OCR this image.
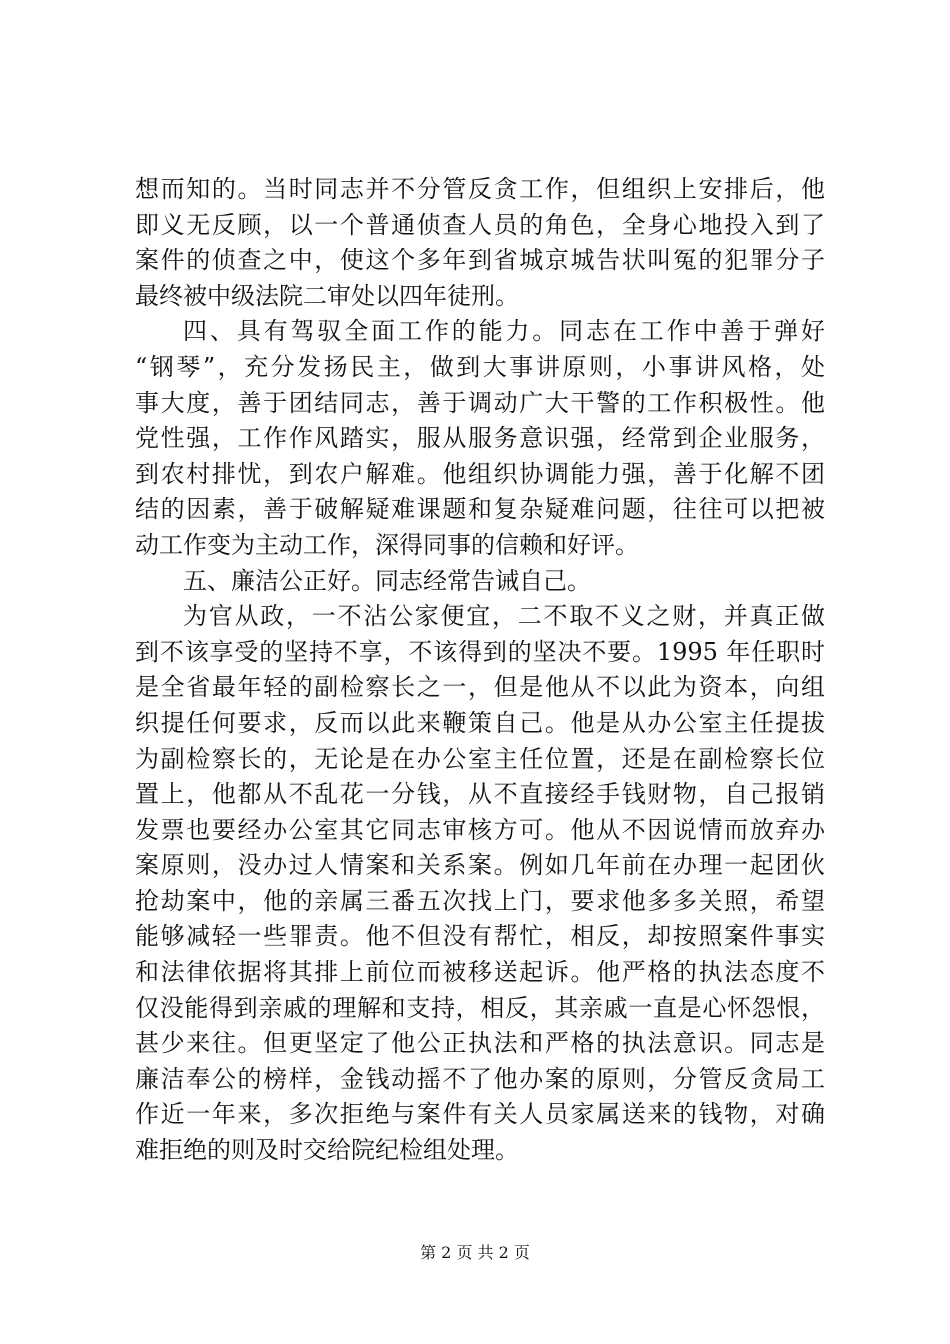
想而知的。当时同志并不分管反贪工作，但组织上安排后，他
即义无反顾，以一个普通侦查人员的角色，全身心地投入到了
案件的侦查之中，使这个多年到省城京城告状叫冤的犯罪分子
最终被中级法院二审处以四年徒刑。
四、具有驾驭全面工作的能力。同志在工作中善于弹好
“钢琴”，充分发扬民主，做到大事讲原则，小事讲风格，处
事大度，善于团结同志，善于调动广大干警的工作积极性。他
党性强，工作作风踏实，服从服务意识强，经常到企业服务，
到农村排忧，到农户解难。他组织协调能力强，善于化解不团
结的因素，善于破解疑难课题和复杂疑难问题，往往可以把被
动工作变为主动工作，深得同事的信赖和好评。
五、廉洁公正好。同志经常告诫自己。
为官从政，一不沾公家便宜，二不取不义之财，并真正做
到不该享受的坚持不享，不该得到的坚决不要。1995 年任职时
是全省最年轻的副检察长之一，但是他从不以此为资本，向组
织提任何要求，反而以此来鞭策自己。他是从办公室主任提拔
为副检察长的，无论是在办公室主任位置，还是在副检察长位
置上，他都从不乱花一分钱，从不直接经手钱财物，自己报销
发票也要经办公室其它同志审核方可。他从不因说情而放弃办
案原则，没办过人情案和关系案。例如几年前在办理一起团伙
抢劫案中，他的亲属三番五次找上门，要求他多多关照，希望
能够减轻一些罪责。他不但没有帮忙，相反，却按照案件事实
和法律依据将其排上前位而被移送起诉。他严格的执法态度不
仅没能得到亲戚的理解和支持，相反，其亲戚一直是心怀怨恨，
甚少来往。但更坚定了他公正执法和严格的执法意识。同志是
廉洁奉公的榜样，金钱动摇不了他办案的原则，分管反贪局工
作近一年来，多次拒绝与案件有关人员家属送来的钱物，对确
难拒绝的则及时交给院纪检组处理。
第 2 页 共 2 页
